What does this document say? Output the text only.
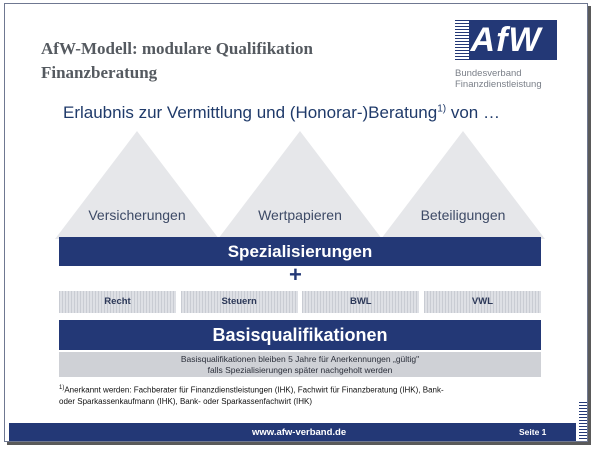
AfW-Modell: modulare Qualifikation
Finanzberatung
AfW
Bundesverband
Finanzdienstleistung
Erlaubnis zur Vermittlung und (Honorar-)Beratung$^{1)}$ von …
Versicherungen	Wertpapieren	Beteiligungen
Spezialisierungen
+
Recht	Steuern	BWL	VWL
Basisqualifikationen
Basisqualifikationen bleiben 5 Jahre für Anerkennungen „gültig"
falls Spezialisierungen später nachgeholt werden
$^{1)}$Anerkannt werden: Fachberater für Finanzdienstleistungen (IHK), Fachwirt für Finanzberatung (IHK), Bank-
oder Sparkassenkaufmann (IHK), Bank- oder Sparkassenfachwirt (IHK)
www.afw-verband.de	Seite 1
